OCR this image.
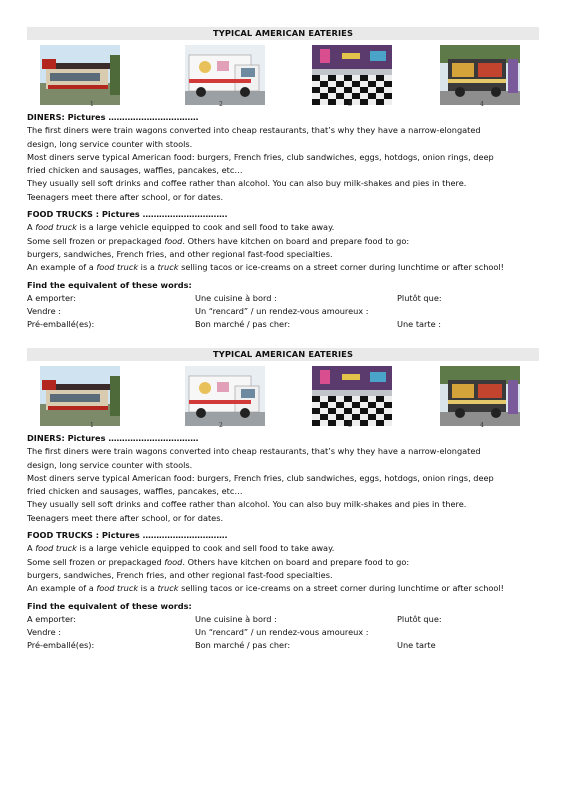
TYPICAL AMERICAN EATERIES
1	2	3	4
DINERS: Pictures ……………………………
The first diners were train wagons converted into cheap restaurants, that’s why they have a narrow-elongated
design, long service counter with stools.
Most diners serve typical American food: burgers, French fries, club sandwiches, eggs, hotdogs, onion rings, deep
fried chicken and sausages, waffles, pancakes, etc…
They usually sell soft drinks and coffee rather than alcohol. You can also buy milk-shakes and pies in there.
Teenagers meet there after school, or for dates.
FOOD TRUCKS : Pictures ………………………….
A food truck is a large vehicle equipped to cook and sell food to take away.
Some sell frozen or prepackaged food. Others have kitchen on board and prepare food to go:
burgers, sandwiches, French fries, and other regional fast-food specialties.
An example of a food truck is a truck selling tacos or ice-creams on a street corner during lunchtime or after school!
Find the equivalent of these words:
A emporter:	Une cuisine à bord :	Plutôt que:
Vendre :	Un “rencard” / un rendez-vous amoureux :
Pré-emballé(es):	Bon marché / pas cher:	Une tarte :
TYPICAL AMERICAN EATERIES
1	2	3	4
DINERS: Pictures ……………………………
The first diners were train wagons converted into cheap restaurants, that’s why they have a narrow-elongated
design, long service counter with stools.
Most diners serve typical American food: burgers, French fries, club sandwiches, eggs, hotdogs, onion rings, deep
fried chicken and sausages, waffles, pancakes, etc…
They usually sell soft drinks and coffee rather than alcohol. You can also buy milk-shakes and pies in there.
Teenagers meet there after school, or for dates.
FOOD TRUCKS : Pictures ………………………….
A food truck is a large vehicle equipped to cook and sell food to take away.
Some sell frozen or prepackaged food. Others have kitchen on board and prepare food to go:
burgers, sandwiches, French fries, and other regional fast-food specialties.
An example of a food truck is a truck selling tacos or ice-creams on a street corner during lunchtime or after school!
Find the equivalent of these words:
A emporter:	Une cuisine à bord :	Plutôt que:
Vendre :	Un “rencard” / un rendez-vous amoureux :
Pré-emballé(es):	Bon marché / pas cher:	Une tarte
